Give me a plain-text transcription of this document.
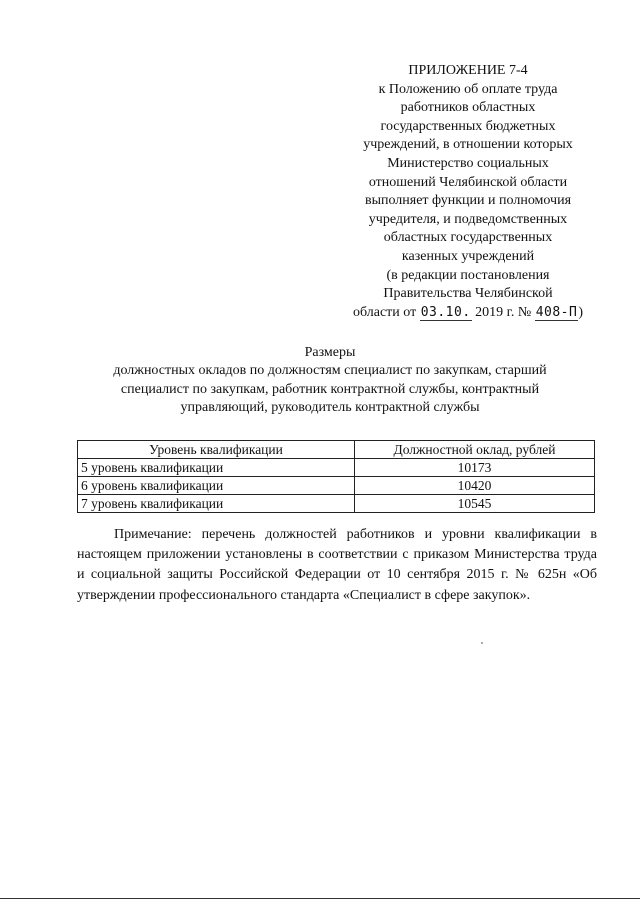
ПРИЛОЖЕНИЕ 7-4
к Положению об оплате труда
работников областных
государственных бюджетных
учреждений, в отношении которых
Министерство социальных
отношений Челябинской области
выполняет функции и полномочия
учредителя, и подведомственных
областных государственных
казенных учреждений
(в редакции постановления
Правительства Челябинской
области от 03.10. 2019 г. № 408-П)
Размеры
должностных окладов по должностям специалист по закупкам, старший
специалист по закупкам, работник контрактной службы, контрактный
управляющий, руководитель контрактной службы
Уровень квалификации	Должностной оклад, рублей
5 уровень квалификации	10173
6 уровень квалификации	10420
7 уровень квалификации	10545

Примечание: перечень должностей работников и уровни квалификации в настоящем приложении установлены в соответствии с приказом Министерства труда и социальной защиты Российской Федерации от 10 сентября 2015 г. № 625н «Об утверждении профессионального стандарта «Специалист в сфере закупок».
